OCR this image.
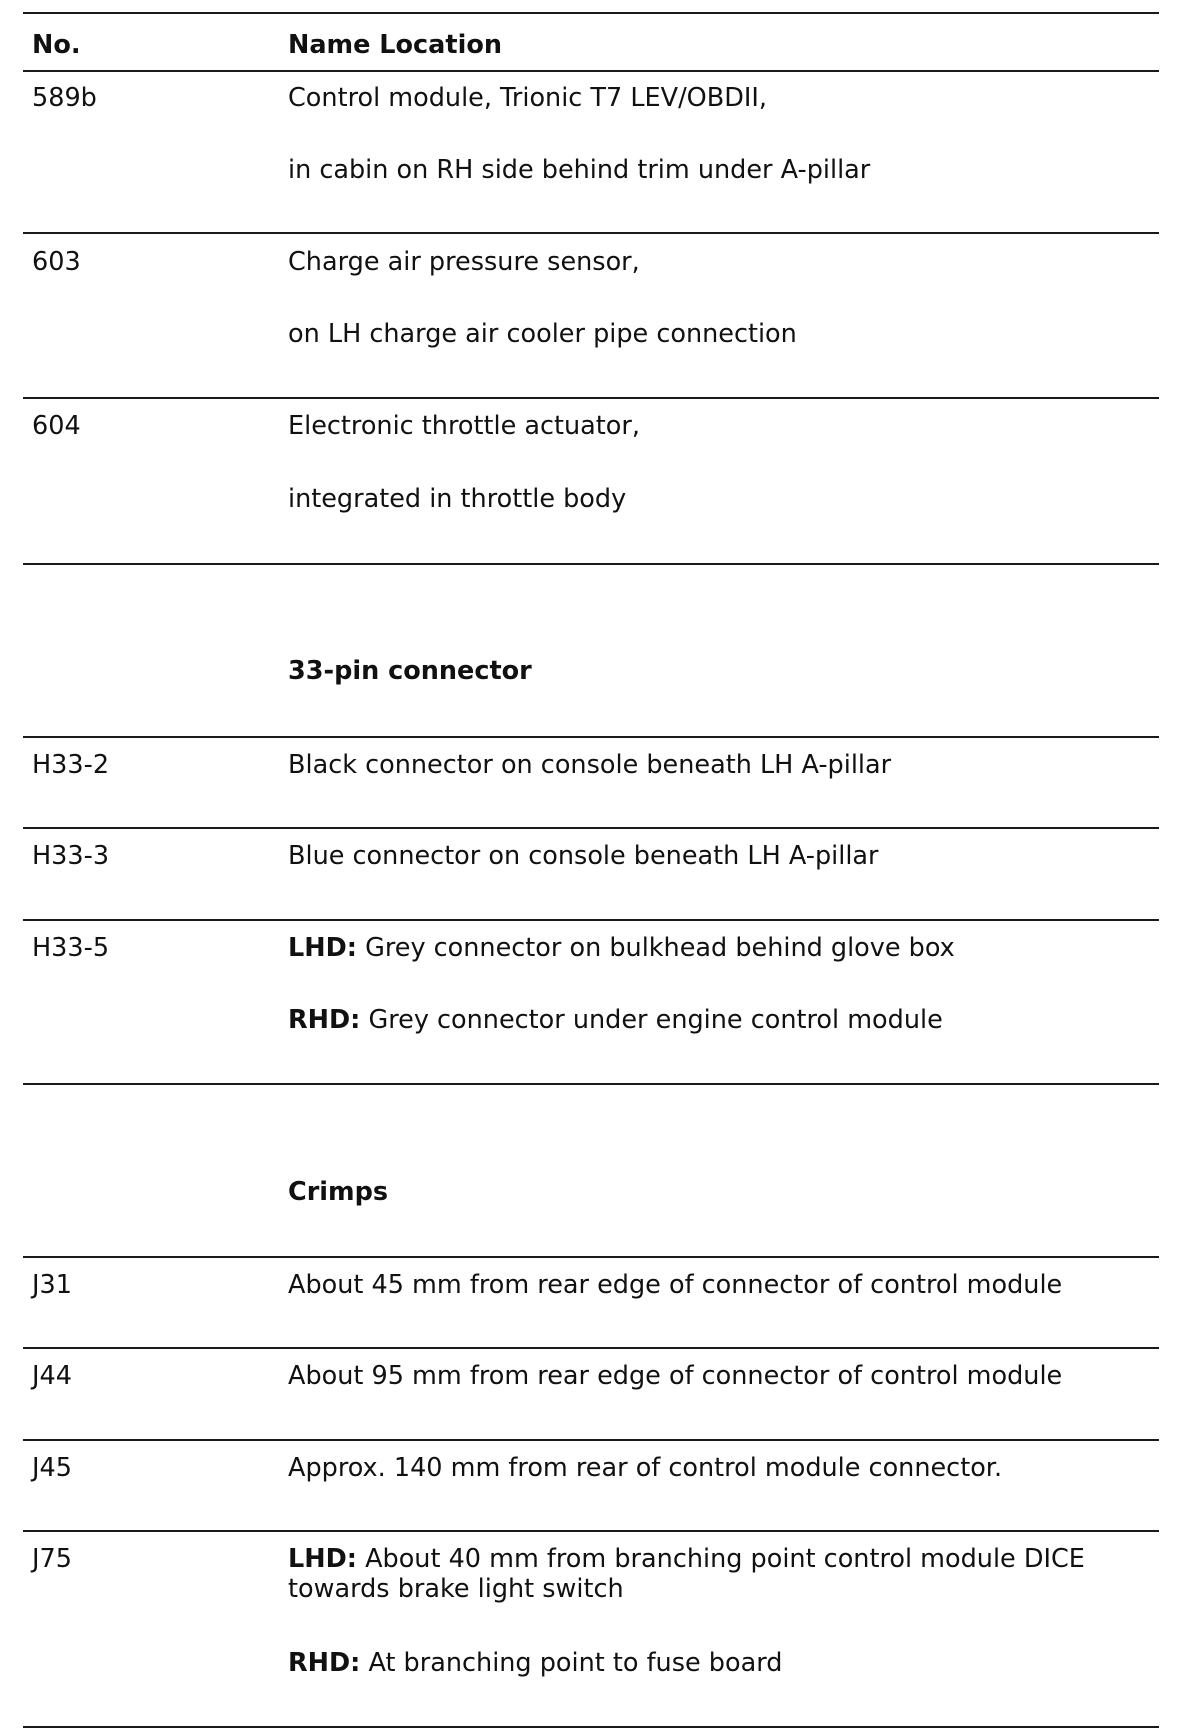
No.	Name Location
589b	Control module, Trionic T7 LEV/OBDII,
in cabin on RH side behind trim under A-pillar
603	Charge air pressure sensor,
on LH charge air cooler pipe connection
604	Electronic throttle actuator,
integrated in throttle body
33-pin connector
H33-2	Black connector on console beneath LH A-pillar
H33-3	Blue connector on console beneath LH A-pillar
H33-5	LHD: Grey connector on bulkhead behind glove box
RHD: Grey connector under engine control module
Crimps
J31	About 45 mm from rear edge of connector of control module
J44	About 95 mm from rear edge of connector of control module
J45	Approx. 140 mm from rear of control module connector.
J75	LHD: About 40 mm from branching point control module DICE towards brake light switch
RHD: At branching point to fuse board
